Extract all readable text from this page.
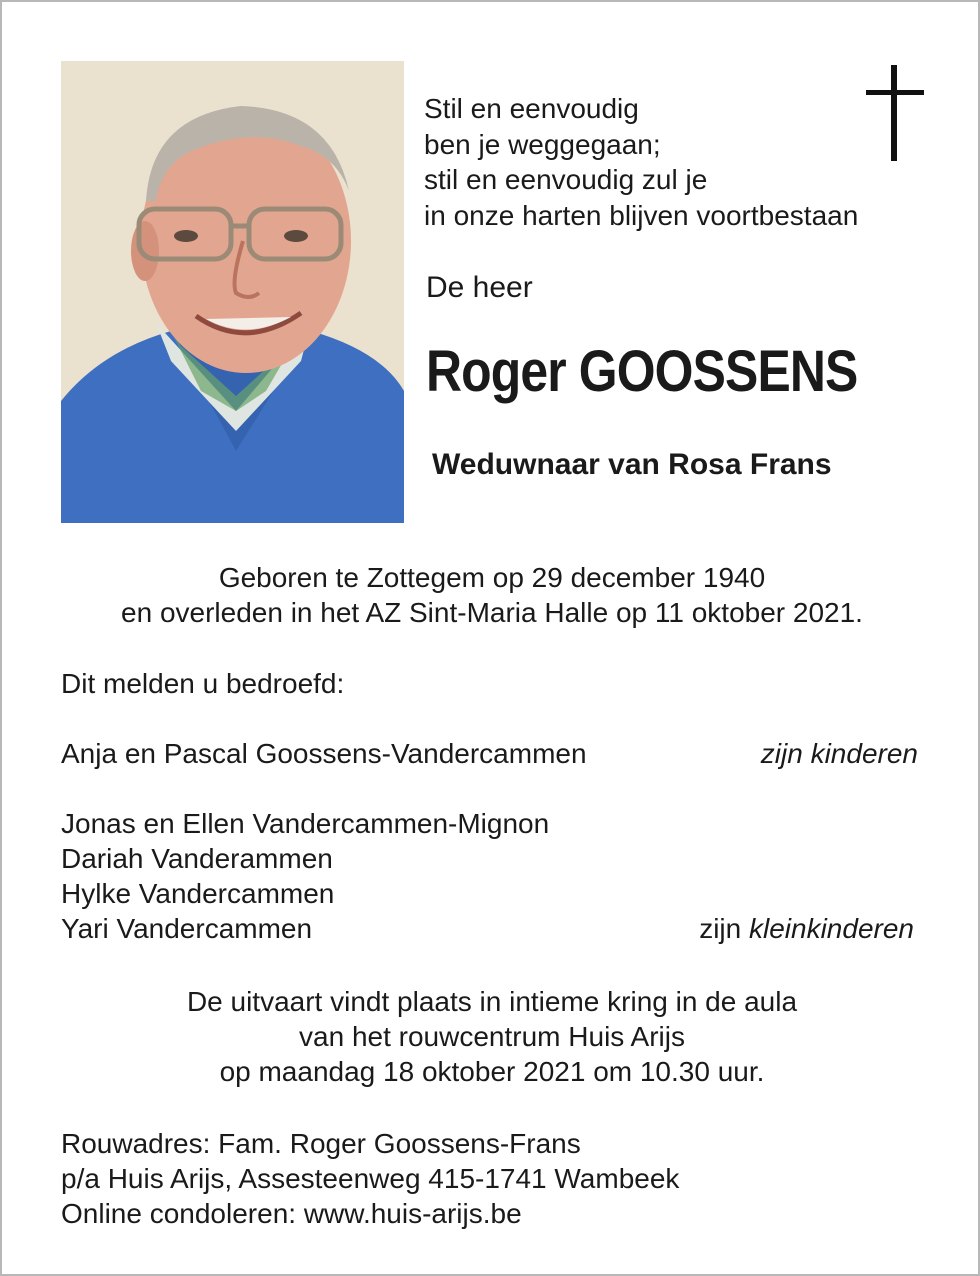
Stil en eenvoudig
ben je weggegaan;
stil en eenvoudig zul je
in onze harten blijven voortbestaan
De heer
Roger GOOSSENS
Weduwnaar van Rosa Frans
Geboren te Zottegem op 29 december 1940
en overleden in het AZ Sint-Maria Halle op 11 oktober 2021.
Dit melden u bedroefd:
Anja en Pascal Goossens-Vandercammen	zijn kinderen
Jonas en Ellen Vandercammen-Mignon
Dariah Vanderammen
Hylke Vandercammen
Yari Vandercammen	zijn kleinkinderen
De uitvaart vindt plaats in intieme kring in de aula
van het rouwcentrum Huis Arijs
op maandag 18 oktober 2021 om 10.30 uur.
Rouwadres: Fam. Roger Goossens-Frans
p/a Huis Arijs, Assesteenweg 415-1741 Wambeek
Online condoleren: www.huis-arijs.be
